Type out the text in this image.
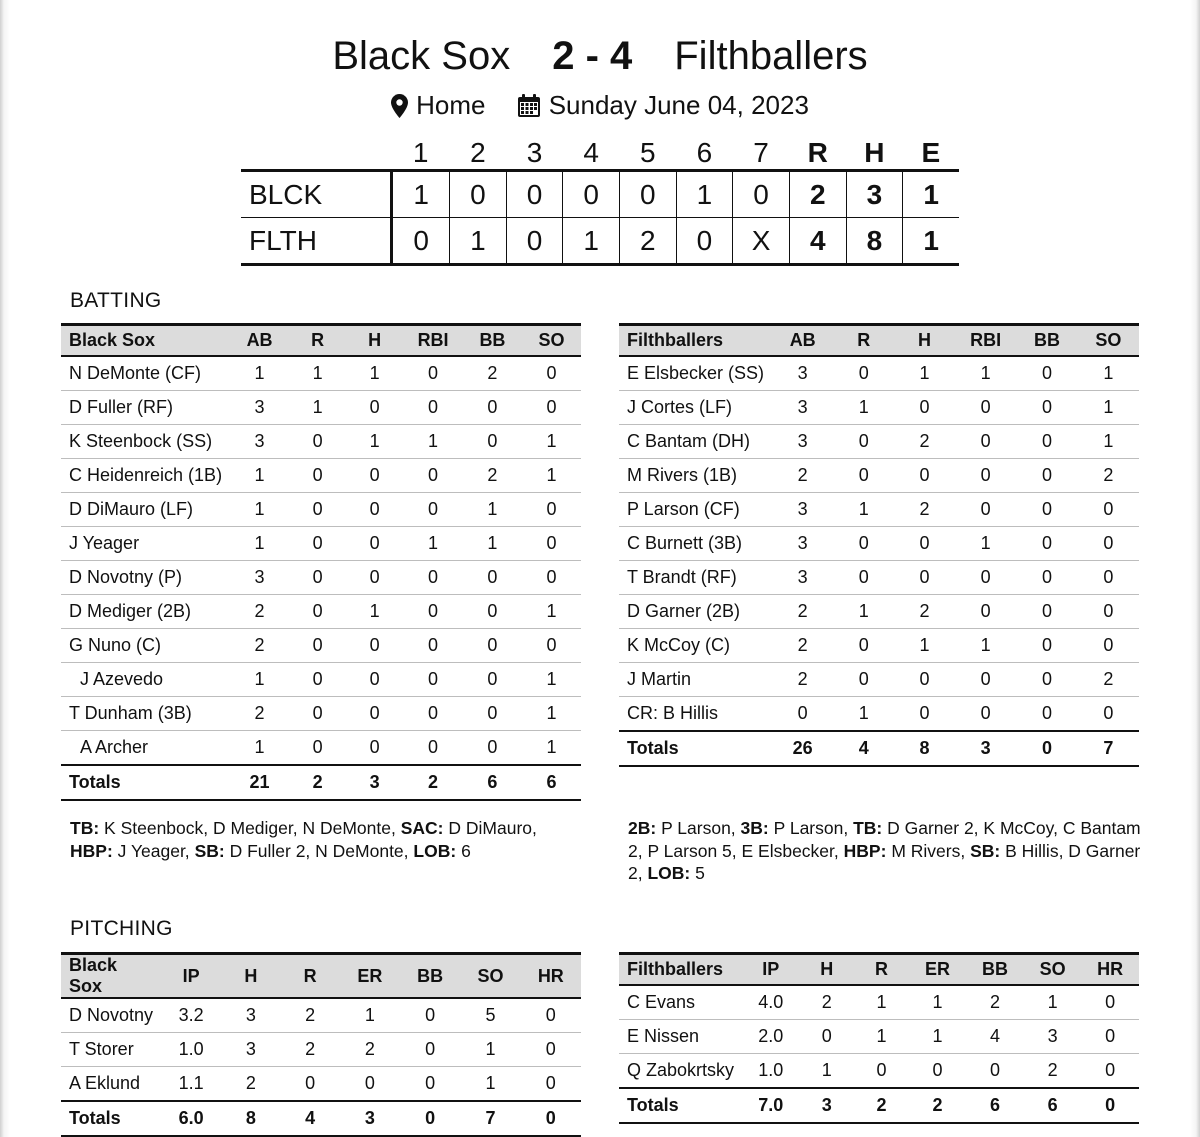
Black Sox 2 - 4 Filthballers
Home
Sunday June 04, 2023
	1	2	3	4	5	6	7	R	H	E
BLCK	1	0	0	0	0	1	0	2	3	1
FLTH	0	1	0	1	2	0	X	4	8	1
BATTING
Black Sox	AB	R	H	RBI	BB	SO
N DeMonte (CF)	1	1	1	0	2	0
D Fuller (RF)	3	1	0	0	0	0
K Steenbock (SS)	3	0	1	1	0	1
C Heidenreich (1B)	1	0	0	0	2	1
D DiMauro (LF)	1	0	0	0	1	0
J Yeager	1	0	0	1	1	0
D Novotny (P)	3	0	0	0	0	0
D Mediger (2B)	2	0	1	0	0	1
G Nuno (C)	2	0	0	0	0	0
J Azevedo	1	0	0	0	0	1
T Dunham (3B)	2	0	0	0	0	1
A Archer	1	0	0	0	0	1
Totals	21	2	3	2	6	6
Filthballers	AB	R	H	RBI	BB	SO
E Elsbecker (SS)	3	0	1	1	0	1
J Cortes (LF)	3	1	0	0	0	1
C Bantam (DH)	3	0	2	0	0	1
M Rivers (1B)	2	0	0	0	0	2
P Larson (CF)	3	1	2	0	0	0
C Burnett (3B)	3	0	0	1	0	0
T Brandt (RF)	3	0	0	0	0	0
D Garner (2B)	2	1	2	0	0	0
K McCoy (C)	2	0	1	1	0	0
J Martin	2	0	0	0	0	2
CR: B Hillis	0	1	0	0	0	0
Totals	26	4	8	3	0	7
TB: K Steenbock, D Mediger, N DeMonte, SAC: D DiMauro, HBP: J Yeager, SB: D Fuller 2, N DeMonte, LOB: 6
2B: P Larson, 3B: P Larson, TB: D Garner 2, K McCoy, C Bantam 2, P Larson 5, E Elsbecker, HBP: M Rivers, SB: B Hillis, D Garner 2, LOB: 5
PITCHING
Black Sox	IP	H	R	ER	BB	SO	HR
D Novotny	3.2	3	2	1	0	5	0
T Storer	1.0	3	2	2	0	1	0
A Eklund	1.1	2	0	0	0	1	0
Totals	6.0	8	4	3	0	7	0
Filthballers	IP	H	R	ER	BB	SO	HR
C Evans	4.0	2	1	1	2	1	0
E Nissen	2.0	0	1	1	4	3	0
Q Zabokrtsky	1.0	1	0	0	0	2	0
Totals	7.0	3	2	2	6	6	0
